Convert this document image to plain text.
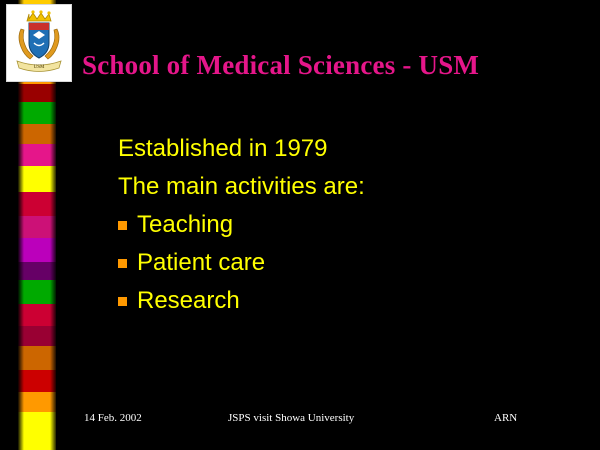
USM School of Medical Sciences - USM
Established in 1979
The main activities are:
Teaching
Patient care
Research
14 Feb. 2002	JSPS visit Showa University	ARN
